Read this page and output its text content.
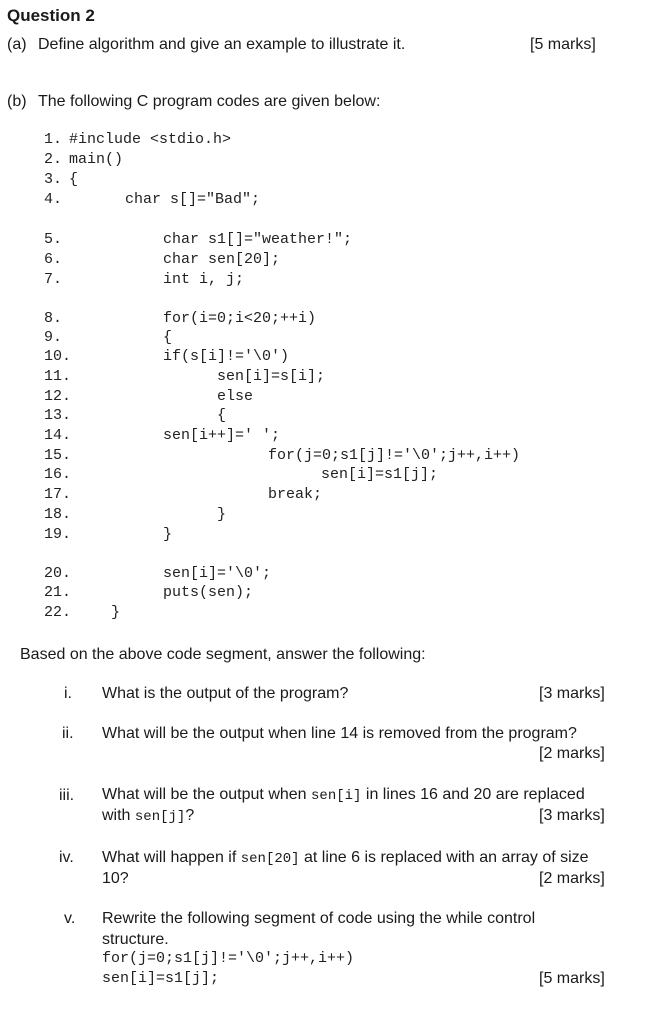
Question 2
(a) Define algorithm and give an example to illustrate it.	[5 marks]
(b) The following C program codes are given below:
1. #include <stdio.h>
2. main()
3. {
4.	char s[]="Bad";
5.	char s1[]="weather!";
6.	char sen[20];
7.	int i, j;
8.	for(i=0;i<20;++i)
9.	{
10.	if(s[i]!='\0')
11.	sen[i]=s[i];
12.	else
13.	{
14.	sen[i++]=' ';
15.	for(j=0;s1[j]!='\0';j++,i++)
16.	sen[i]=s1[j];
17.	break;
18.	}
19.	}
20.	sen[i]='\0';
21.	puts(sen);
22.	}
Based on the above code segment, answer the following:
i. What is the output of the program?	[3 marks]
ii. What will be the output when line 14 is removed from the program?
[2 marks]
iii. What will be the output when sen[i] in lines 16 and 20 are replaced
with sen[j]?	[3 marks]
iv. What will happen if sen[20] at line 6 is replaced with an array of size
10?	[2 marks]
v. Rewrite the following segment of code using the while control
structure.
for(j=0;s1[j]!='\0';j++,i++)
sen[i]=s1[j];	[5 marks]
